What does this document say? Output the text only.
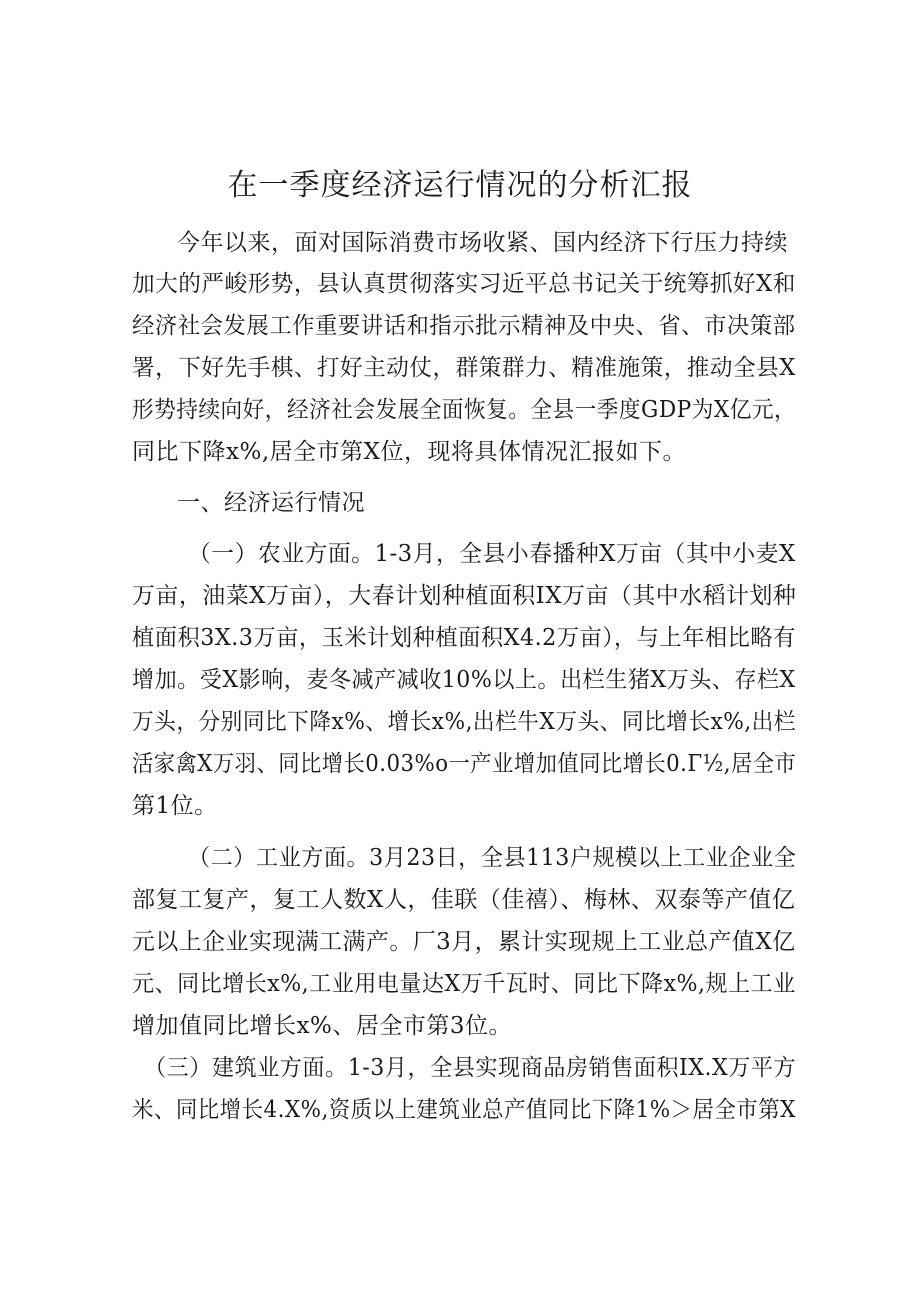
在一季度经济运行情况的分析汇报
今年以来，面对国际消费市场收紧、国内经济下行压力持续
加大的严峻形势，县认真贯彻落实习近平总书记关于统筹抓好X和
经济社会发展工作重要讲话和指示批示精神及中央、省、市决策部
署，下好先手棋、打好主动仗，群策群力、精准施策，推动全县X
形势持续向好，经济社会发展全面恢复。全县一季度GDP为X亿元，
同比下降x%,居全市第X位，现将具体情况汇报如下。
一、经济运行情况
（一）农业方面。1-3月，全县小春播种X万亩（其中小麦X
万亩，油菜X万亩），大春计划种植面积IX万亩（其中水稻计划种
植面积3X.3万亩，玉米计划种植面积X4.2万亩），与上年相比略有
增加。受X影响，麦冬减产减收10%以上。出栏生猪X万头、存栏X
万头，分别同比下降x%、增长x%,出栏牛X万头、同比增长x%,出栏
活家禽X万羽、同比增长0.03%o一产业增加值同比增长0.Γ½,居全市
第1位。
（二）工业方面。3月23日，全县113户规模以上工业企业全
部复工复产，复工人数X人，佳联（佳禧）、梅林、双泰等产值亿
元以上企业实现满工满产。厂3月，累计实现规上工业总产值X亿
元、同比增长x%,工业用电量达X万千瓦时、同比下降x%,规上工业
增加值同比增长x%、居全市第3位。
（三）建筑业方面。1-3月，全县实现商品房销售面积IX.X万平方
米、同比增长4.X%,资质以上建筑业总产值同比下降1%＞居全市第X
